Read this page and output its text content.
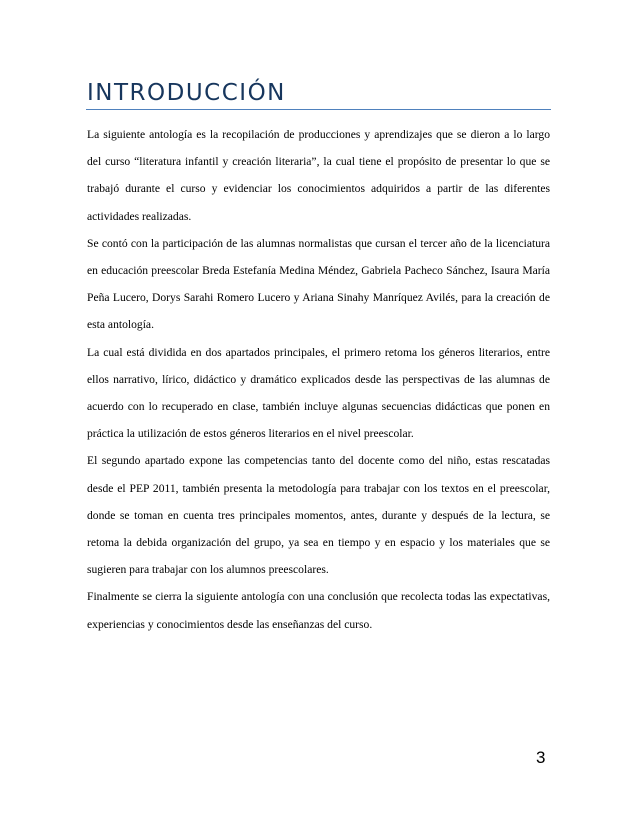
INTRODUCCIÓN

La siguiente antología es la recopilación de producciones y aprendizajes que se dieron a lo largo del curso “literatura infantil y creación literaria”, la cual tiene el propósito de presentar lo que se trabajó durante el curso y evidenciar los conocimientos adquiridos a partir de las diferentes actividades realizadas.

Se contó con la participación de las alumnas normalistas que cursan el tercer año de la licenciatura en educación preescolar Breda Estefanía Medina Méndez, Gabriela Pacheco Sánchez, Isaura María Peña Lucero, Dorys Sarahi Romero Lucero y Ariana Sinahy Manríquez Avilés, para la creación de esta antología.

La cual está dividida en dos apartados principales, el primero retoma los géneros literarios, entre ellos narrativo, lírico, didáctico y dramático explicados desde las perspectivas de las alumnas de acuerdo con lo recuperado en clase, también incluye algunas secuencias didácticas que ponen en práctica la utilización de estos géneros literarios en el nivel preescolar.

El segundo apartado expone las competencias tanto del docente como del niño, estas rescatadas desde el PEP 2011, también presenta la metodología para trabajar con los textos en el preescolar, donde se toman en cuenta tres principales momentos, antes, durante y después de la lectura, se retoma la debida organización del grupo, ya sea en tiempo y en espacio y los materiales que se sugieren para trabajar con los alumnos preescolares.

Finalmente se cierra la siguiente antología con una conclusión que recolecta todas las expectativas, experiencias y conocimientos desde las enseñanzas del curso.

3
